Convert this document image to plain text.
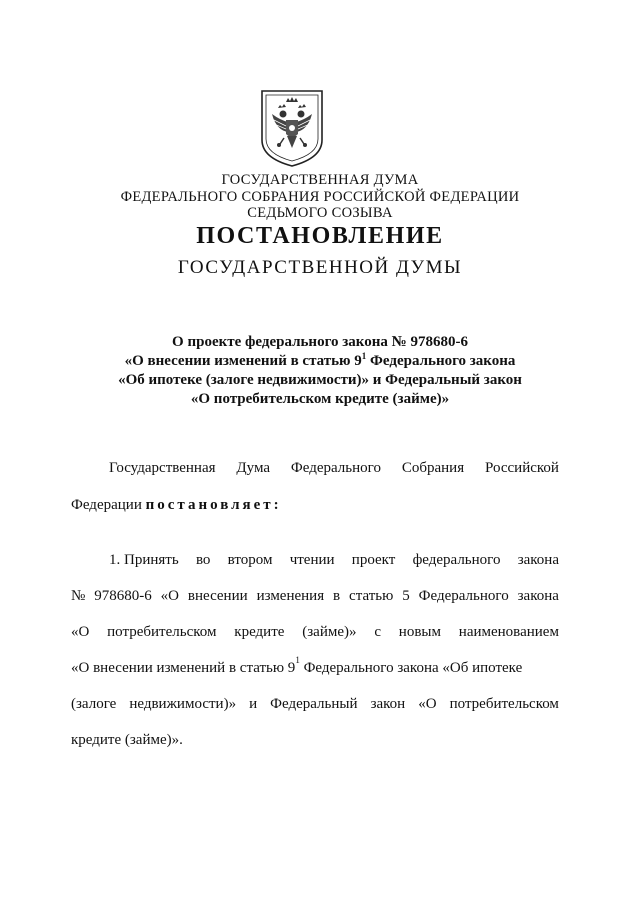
ГОСУДАРСТВЕННАЯ ДУМА
ФЕДЕРАЛЬНОГО СОБРАНИЯ РОССИЙСКОЙ ФЕДЕРАЦИИ
СЕДЬМОГО СОЗЫВА
ПОСТАНОВЛЕНИЕ
ГОСУДАРСТВЕННОЙ ДУМЫ
О проекте федерального закона № 978680-6
«О внесении изменений в статью $9^1$ Федерального закона
«Об ипотеке (залоге недвижимости)» и Федеральный закон
«О потребительском кредите (займе)»
Государственная Дума Федерального Собрания Российской
Федерации постановляет:
1. Принять во втором чтении проект федерального закона
№ 978680-6 «О внесении изменения в статью 5 Федерального закона
«О потребительском кредите (займе)» с новым наименованием
«О внесении изменений в статью 9 1 Федерального закона «Об ипотеке
(залоге недвижимости)» и Федеральный закон «О потребительском
кредите (займе)».
